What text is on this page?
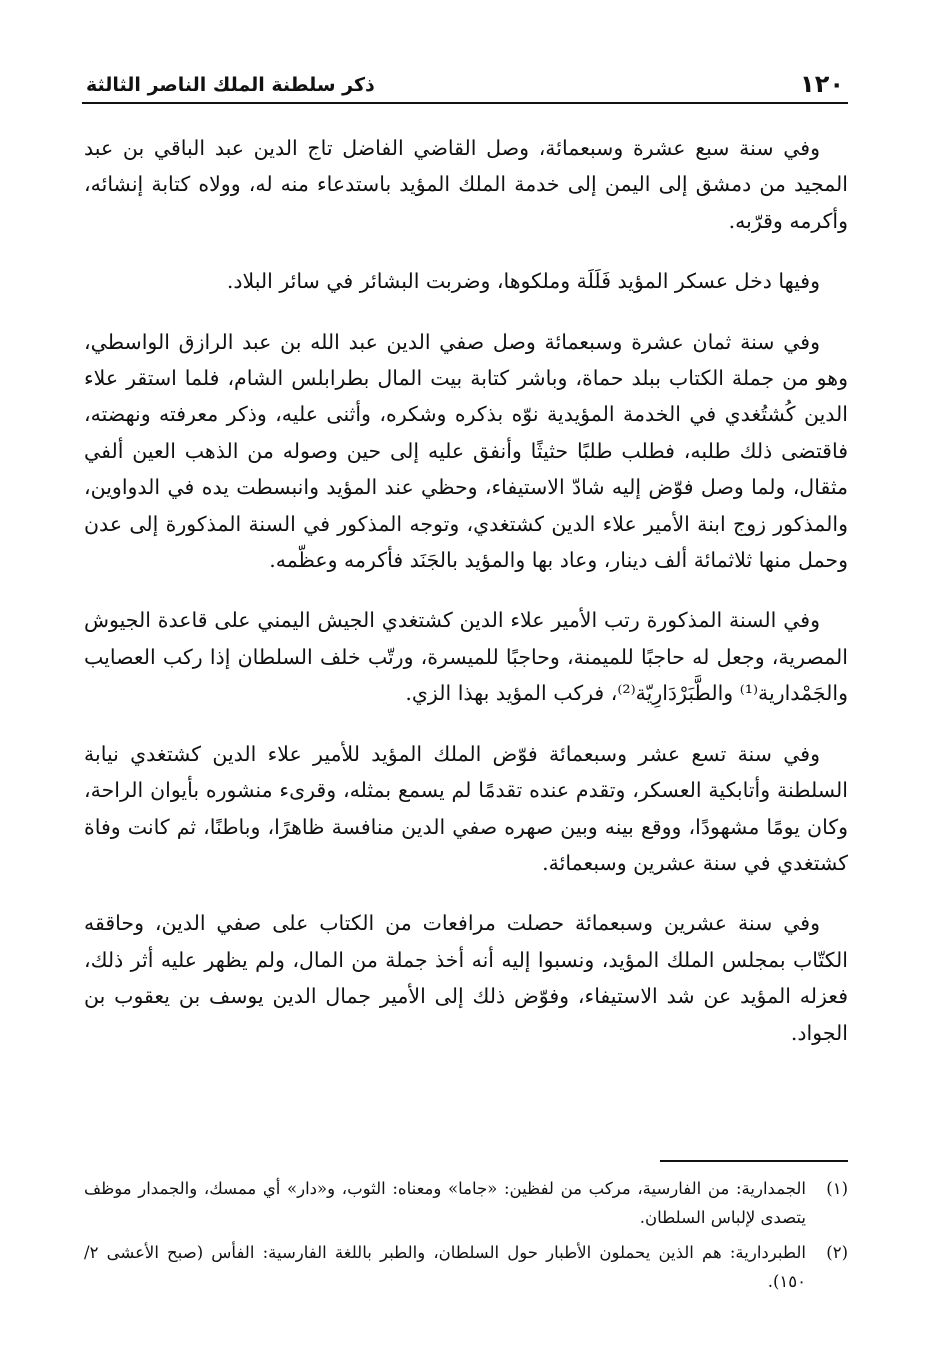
١٢٠
ذكر سلطنة الملك الناصر الثالثة

وفي سنة سبع عشرة وسبعمائة، وصل القاضي الفاضل تاج الدين عبد الباقي بن عبد المجيد من دمشق إلى اليمن إلى خدمة الملك المؤيد باستدعاء منه له، وولاه كتابة إنشائه، وأكرمه وقرّبه.

وفيها دخل عسكر المؤيد فَلَلَة وملكوها، وضربت البشائر في سائر البلاد.

وفي سنة ثمان عشرة وسبعمائة وصل صفي الدين عبد الله بن عبد الرازق الواسطي، وهو من جملة الكتاب ببلد حماة، وباشر كتابة بيت المال بطرابلس الشام، فلما استقر علاء الدين كُشتُغدي في الخدمة المؤيدية نوّه بذكره وشكره، وأثنى عليه، وذكر معرفته ونهضته، فاقتضى ذلك طلبه، فطلب طلبًا حثيثًا وأنفق عليه إلى حين وصوله من الذهب العين ألفي مثقال، ولما وصل فوّض إليه شادّ الاستيفاء، وحظي عند المؤيد وانبسطت يده في الدواوين، والمذكور زوج ابنة الأمير علاء الدين كشتغدي، وتوجه المذكور في السنة المذكورة إلى عدن وحمل منها ثلاثمائة ألف دينار، وعاد بها والمؤيد بالجَنَد فأكرمه وعظّمه.

وفي السنة المذكورة رتب الأمير علاء الدين كشتغدي الجيش اليمني على قاعدة الجيوش المصرية، وجعل له حاجبًا للميمنة، وحاجبًا للميسرة، ورتّب خلف السلطان إذا ركب العصايب والجَمْدارية⁽¹⁾ والطَّبَرْدَارِيّة⁽²⁾، فركب المؤيد بهذا الزي.

وفي سنة تسع عشر وسبعمائة فوّض الملك المؤيد للأمير علاء الدين كشتغدي نيابة السلطنة وأتابكية العسكر، وتقدم عنده تقدمًا لم يسمع بمثله، وقرىء منشوره بأيوان الراحة، وكان يومًا مشهودًا، ووقع بينه وبين صهره صفي الدين منافسة ظاهرًا، وباطنًا، ثم كانت وفاة كشتغدي في سنة عشرين وسبعمائة.

وفي سنة عشرين وسبعمائة حصلت مرافعات من الكتاب على صفي الدين، وحاققه الكتّاب بمجلس الملك المؤيد، ونسبوا إليه أنه أخذ جملة من المال، ولم يظهر عليه أثر ذلك، فعزله المؤيد عن شد الاستيفاء، وفوّض ذلك إلى الأمير جمال الدين يوسف بن يعقوب بن الجواد.

(١)
الجمدارية: من الفارسية، مركب من لفظين: «جاما» ومعناه: الثوب، و«دار» أي ممسك، والجمدار موظف يتصدى لإلباس السلطان.
(٢)
الطبردارية: هم الذين يحملون الأطبار حول السلطان، والطبر باللغة الفارسية: الفأس (صبح الأعشى ٢/ ١٥٠).
